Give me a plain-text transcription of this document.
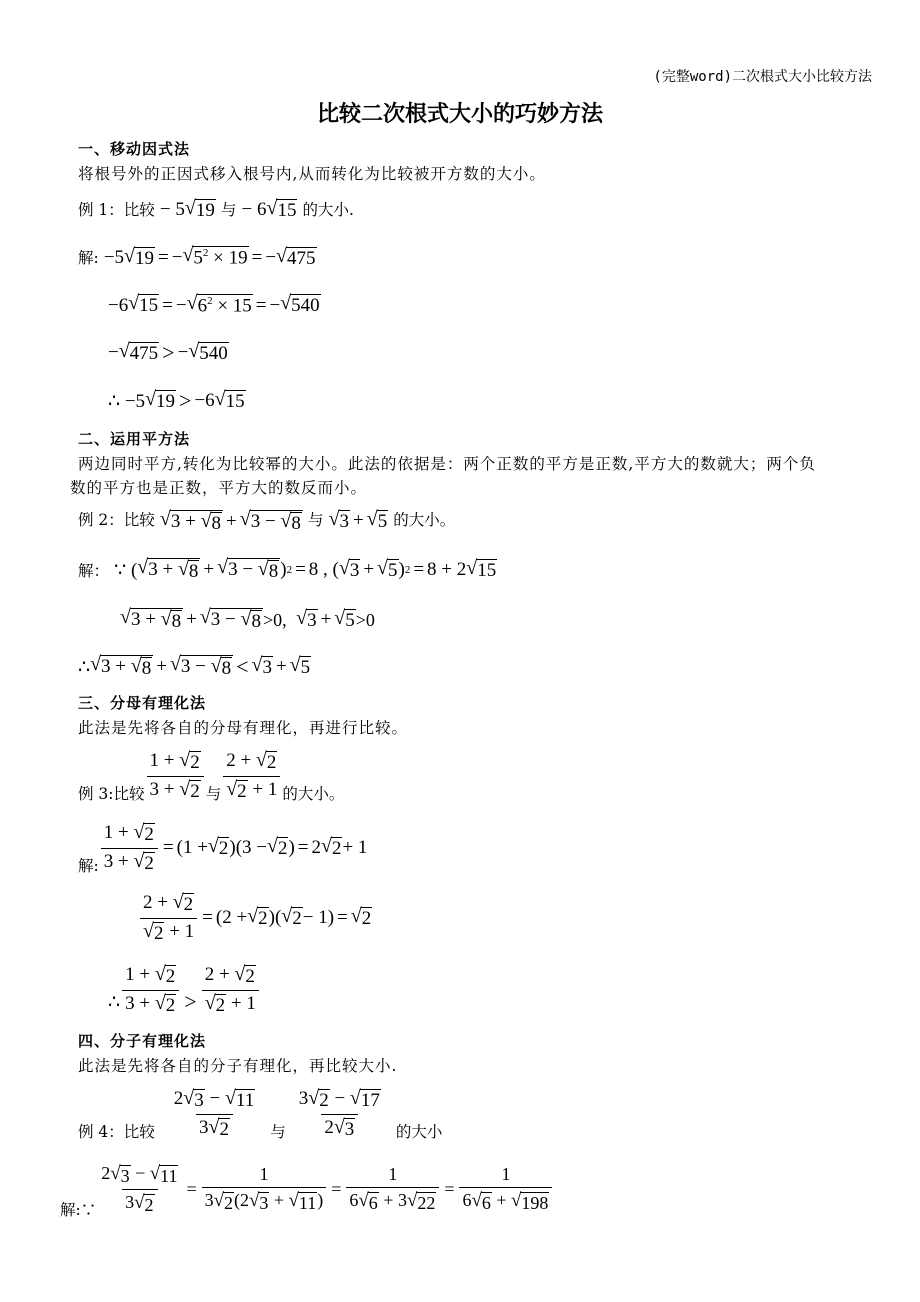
(完整word)二次根式大小比较方法
比较二次根式大小的巧妙方法
一、移动因式法
将根号外的正因式移入根号内,从而转化为比较被开方数的大小。
例 1：比较 − 5 √ 19 与 − 6 √ 15 的大小.
解: −5 √ 19 = − √ $5^2 \times 19$ = − √ 475
−6 √ 15 = − √ $6^2 \times 15$ = − √ 540
− √ 475 > − √ 540
∴ −5 √ 19 > −6 √ 15
二、运用平方法
两边同时平方,转化为比较幂的大小。此法的依据是：两个正数的平方是正数,平方大的数就大；两个负
数的平方也是正数，平方大的数反而小。
例 2：比较 √ 3 + √ 8 + √ 3 − √ 8 与 √ 3 + √ 5 的大小。
解： ∵ ( √ 3 + √ 8 + √ 3 − √ 8 ) 2 = 8 , ( √ 3 + √ 5 ) 2 = 8 + 2 √ 15
√ 3 + √ 8 + √ 3 − √ 8 >0,
√ 3 + √ 5 >0
∴ √ 3 + √ 8 + √ 3 − √ 8 < √ 3 + √ 5
三、分母有理化法
此法是先将各自的分母有理化，再进行比较。
例 3:比较 $\frac{1 + √ 2}{3 + √ 2}$ 与 $\frac{2 + √ 2}{√ 2 + 1}$ 的大小。
解: $\frac{1 + √ 2}{3 + √ 2} = (1$ + √ 2 )(3 − √ 2 ) = 2 √ 2 + 1
$\frac{2 + √ 2}{√ 2 + 1} = (2$ + √ 2 )( √ 2 − 1) = √ 2
∴ $\frac{1 + √ 2}{3 + √ 2} > \frac{2 + √ 2}{√ 2 + 1}$
四、分子有理化法
此法是先将各自的分子有理化，再比较大小.
例 4：比较 $\frac{2 √ 3 - √ 11}{3 √ 2}$ 与 $\frac{3 √ 2 - √ 17}{2 √ 3}$ 的大小
解:∵ $\frac{2 √ 3 - √ 11}{3 √ 2} = \frac{1}{3 √ 2 (2 √ 3 + √ 11 )} = \frac{1}{6 √ 6 + 3 √ 22} = \frac{1}{6 √ 6 + √ 198}$
